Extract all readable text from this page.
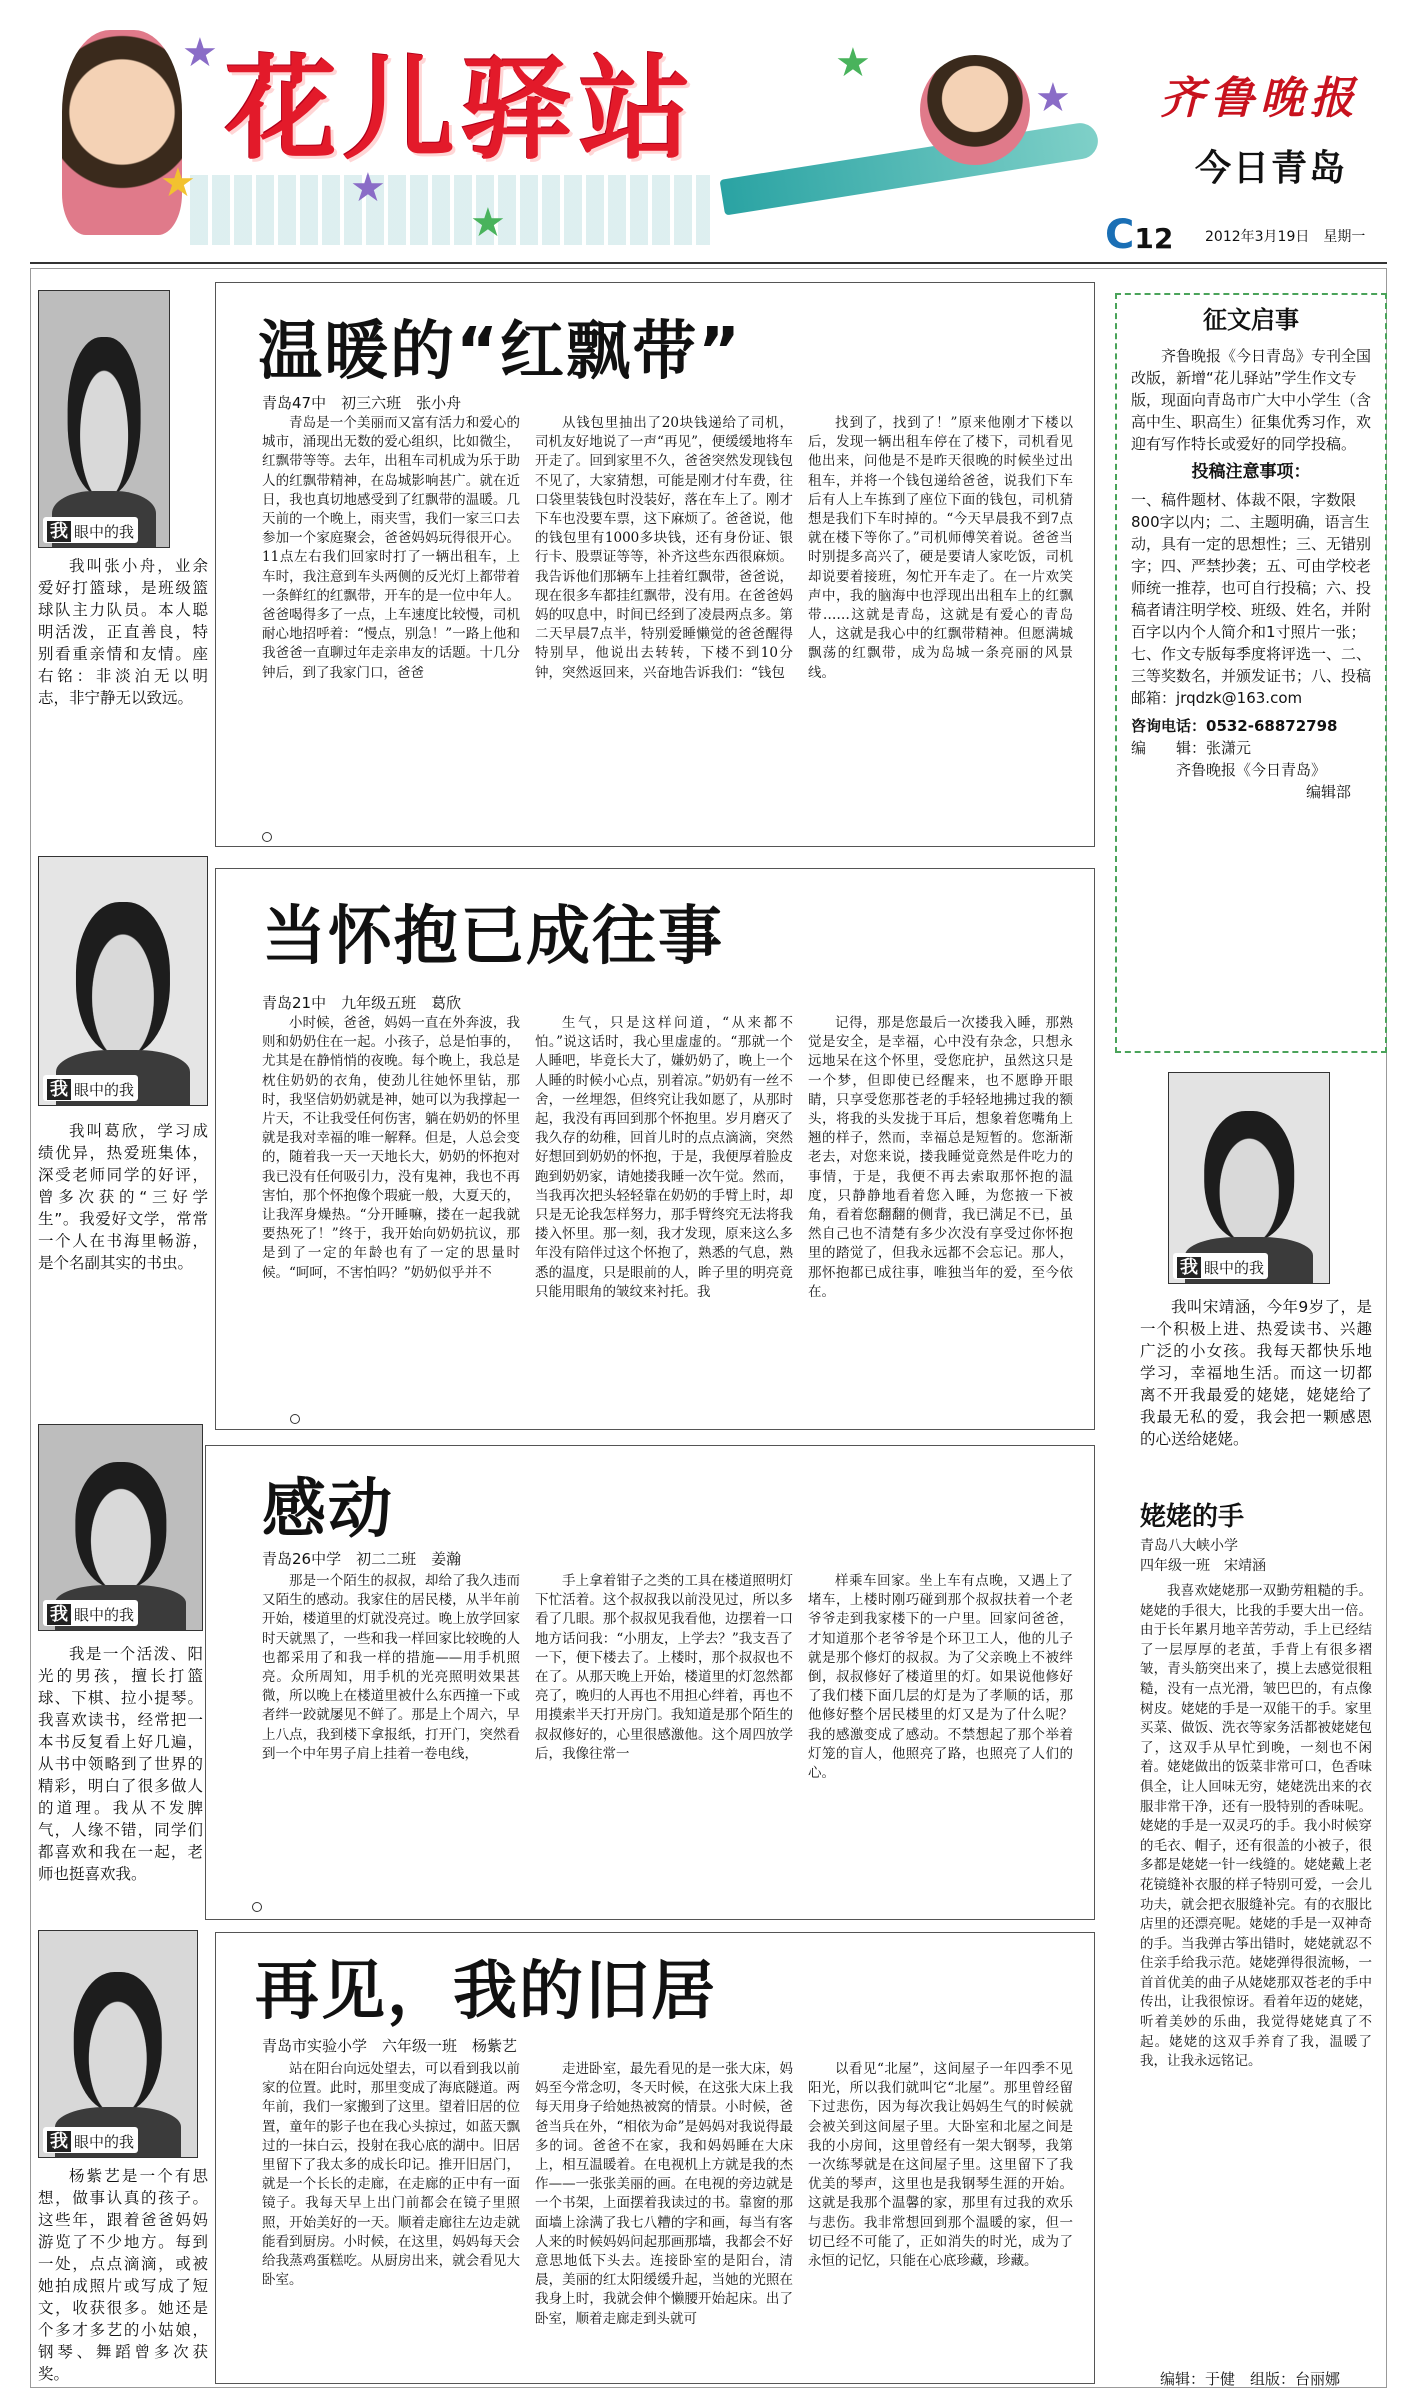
★	★
★
★
★
★
花儿驿站	齐鲁晚报
今日青岛
C12 2012年3月19日　星期一
我 眼中的我

我叫张小舟，业余爱好打篮球，是班级篮球队主力队员。本人聪明活泼，正直善良，特别看重亲情和友情。座右铭：非淡泊无以明志，非宁静无以致远。

温暖的“红飘带”
青岛47中　初三六班　张小舟

青岛是一个美丽而又富有活力和爱心的城市，涌现出无数的爱心组织，比如微尘，红飘带等等。去年，出租车司机成为乐于助人的红飘带精神，在岛城影响甚广。就在近日，我也真切地感受到了红飘带的温暖。几天前的一个晚上，雨夹雪，我们一家三口去参加一个家庭聚会，爸爸妈妈玩得很开心。11点左右我们回家时打了一辆出租车，上车时，我注意到车头两侧的反光灯上都带着一条鲜红的红飘带，开车的是一位中年人。爸爸喝得多了一点，上车速度比较慢，司机耐心地招呼着：“慢点，别急！”一路上他和我爸爸一直聊过年走亲串友的话题。十几分钟后，到了我家门口，爸爸

从钱包里抽出了20块钱递给了司机，司机友好地说了一声“再见”，便缓缓地将车开走了。回到家里不久，爸爸突然发现钱包不见了，大家猜想，可能是刚才付车费，往口袋里装钱包时没装好，落在车上了。刚才下车也没要车票，这下麻烦了。爸爸说，他的钱包里有1000多块钱，还有身份证、银行卡、股票证等等，补齐这些东西很麻烦。我告诉他们那辆车上挂着红飘带，爸爸说，现在很多车都挂红飘带，没有用。在爸爸妈妈的叹息中，时间已经到了凌晨两点多。第二天早晨7点半，特别爱睡懒觉的爸爸醒得特别早，他说出去转转，下楼不到10分钟，突然返回来，兴奋地告诉我们：“钱包

找到了，找到了！”原来他刚才下楼以后，发现一辆出租车停在了楼下，司机看见他出来，问他是不是昨天很晚的时候坐过出租车，并将一个钱包递给爸爸，说我们下车后有人上车拣到了座位下面的钱包，司机猜想是我们下车时掉的。“今天早晨我不到7点就在楼下等你了。”司机师傅笑着说。爸爸当时别提多高兴了，硬是要请人家吃饭，司机却说要着接班，匆忙开车走了。在一片欢笑声中，我的脑海中也浮现出出租车上的红飘带……这就是青岛，这就是有爱心的青岛人，这就是我心中的红飘带精神。但愿满城飘荡的红飘带，成为岛城一条亮丽的风景线。

我 眼中的我

我叫葛欣，学习成绩优异，热爱班集体，深受老师同学的好评，曾多次获的“三好学生”。我爱好文学，常常一个人在书海里畅游，是个名副其实的书虫。

当怀抱已成往事
青岛21中　九年级五班　葛欣

小时候，爸爸，妈妈一直在外奔波，我则和奶奶住在一起。小孩子，总是怕事的，尤其是在静悄悄的夜晚。每个晚上，我总是枕住奶奶的衣角，使劲儿往她怀里钻，那时，我坚信奶奶就是神，她可以为我撑起一片天，不让我受任何伤害，躺在奶奶的怀里就是我对幸福的唯一解释。但是，人总会变的，随着我一天一天地长大，奶奶的怀抱对我已没有任何吸引力，没有鬼神，我也不再害怕，那个怀抱像个瑕疵一般，大夏天的，让我浑身燥热。“分开睡嘛，搂在一起我就要热死了！”终于，我开始向奶奶抗议，那是到了一定的年龄也有了一定的思量时候。“呵呵，不害怕吗？”奶奶似乎并不

生气，只是这样问道，“从来都不怕。”说这话时，我心里虚虚的。“那就一个人睡吧，毕竟长大了，嫌奶奶了，晚上一个人睡的时候小心点，别着凉。”奶奶有一丝不舍，一丝埋怨，但终究让我如愿了，从那时起，我没有再回到那个怀抱里。岁月磨灭了我久存的幼稚，回首儿时的点点滴滴，突然好想回到奶奶的怀抱，于是，我便厚着脸皮跑到奶奶家，请她搂我睡一次午觉。然而，当我再次把头轻轻靠在奶奶的手臂上时，却只是无论我怎样努力，那手臂终究无法将我搂入怀里。那一刻，我才发现，原来这么多年没有陪伴过这个怀抱了，熟悉的气息，熟悉的温度，只是眼前的人，眸子里的明亮竟只能用眼角的皱纹来衬托。我

记得，那是您最后一次搂我入睡，那熟觉是安全，是幸福，心中没有杂念，只想永远地呆在这个怀里，受您庇护，虽然这只是一个梦，但即使已经醒来，也不愿睁开眼睛，只享受您那苍老的手轻轻地拂过我的额头，将我的头发拢于耳后，想象着您嘴角上翘的样子，然而，幸福总是短暂的。您渐渐老去，对您来说，搂我睡觉竟然是件吃力的事情，于是，我便不再去索取那怀抱的温度，只静静地看着您入睡，为您掖一下被角，看着您翻翻的侧背，我已满足不已，虽然自己也不清楚有多少次没有享受过你怀抱里的踏觉了，但我永远都不会忘记。那人，那怀抱都已成往事，唯独当年的爱，至今依在。

我 眼中的我

我是一个活泼、阳光的男孩，擅长打篮球、下棋、拉小提琴。我喜欢读书，经常把一本书反复看上好几遍，从书中领略到了世界的精彩，明白了很多做人的道理。我从不发脾气，人缘不错，同学们都喜欢和我在一起，老师也挺喜欢我。

感动
青岛26中学　初二二班　姜瀚

那是一个陌生的叔叔，却给了我久违而又陌生的感动。我家住的居民楼，从半年前开始，楼道里的灯就没亮过。晚上放学回家时天就黑了，一些和我一样回家比较晚的人也都采用了和我一样的措施——用手机照亮。众所周知，用手机的光亮照明效果甚微，所以晚上在楼道里被什么东西撞一下或者绊一跤就屡见不鲜了。那是上个周六，早上八点，我到楼下拿报纸，打开门，突然看到一个中年男子肩上挂着一卷电线，

手上拿着钳子之类的工具在楼道照明灯下忙活着。这个叔叔我以前没见过，所以多看了几眼。那个叔叔见我看他，边摆着一口地方话问我：“小朋友，上学去？”我支吾了一下，便下楼去了。上楼时，那个叔叔也不在了。从那天晚上开始，楼道里的灯忽然都亮了，晚归的人再也不用担心绊着，再也不用摸索半天打开房门。我知道是那个陌生的叔叔修好的，心里很感激他。这个周四放学后，我像往常一

样乘车回家。坐上车有点晚，又遇上了堵车，上楼时刚巧碰到那个叔叔扶着一个老爷爷走到我家楼下的一户里。回家问爸爸，才知道那个老爷爷是个环卫工人，他的儿子就是那个修灯的叔叔。为了父亲晚上不被绊倒，叔叔修好了楼道里的灯。如果说他修好了我们楼下面几层的灯是为了孝顺的话，那他修好整个居民楼里的灯又是为了什么呢？我的感激变成了感动。不禁想起了那个举着灯笼的盲人，他照亮了路，也照亮了人们的心。

我 眼中的我

杨紫艺是一个有思想，做事认真的孩子。这些年，跟着爸爸妈妈游览了不少地方。每到一处，点点滴滴，或被她拍成照片或写成了短文，收获很多。她还是个多才多艺的小姑娘，钢琴、舞蹈曾多次获奖。

再见，我的旧居
青岛市实验小学　六年级一班　杨紫艺

站在阳台向远处望去，可以看到我以前家的位置。此时，那里变成了海底隧道。两年前，我们一家搬到了这里。望着旧居的位置，童年的影子也在我心头掠过，如蓝天飘过的一抹白云，投射在我心底的湖中。旧居里留下了我太多的成长印记。推开旧居门，就是一个长长的走廊，在走廊的正中有一面镜子。我每天早上出门前都会在镜子里照照，开始美好的一天。顺着走廊往左边走就能看到厨房。小时候，在这里，妈妈每天会给我蒸鸡蛋糕吃。从厨房出来，就会看见大卧室。

走进卧室，最先看见的是一张大床，妈妈至今常念叨，冬天时候，在这张大床上我每天用身子给她热被窝的情景。小时候，爸爸当兵在外，“相依为命”是妈妈对我说得最多的词。爸爸不在家，我和妈妈睡在大床上，相互温暖着。在电视机上方就是我的杰作——一张张美丽的画。在电视的旁边就是一个书架，上面摆着我读过的书。靠窗的那面墙上涂满了我七八糟的字和画，每当有客人来的时候妈妈问起那画那墙，我都会不好意思地低下头去。连接卧室的是阳台，清晨，美丽的红太阳缓缓升起，当她的光照在我身上时，我就会伸个懒腰开始起床。出了卧室，顺着走廊走到头就可

以看见“北屋”，这间屋子一年四季不见阳光，所以我们就叫它“北屋”。那里曾经留下过悲伤，因为每次我让妈妈生气的时候就会被关到这间屋子里。大卧室和北屋之间是我的小房间，这里曾经有一架大钢琴，我第一次练琴就是在这间屋子里。这里留下了我优美的琴声，这里也是我钢琴生涯的开始。这就是我那个温馨的家，那里有过我的欢乐与悲伤。我非常想回到那个温暖的家，但一切已经不可能了，正如消失的时光，成为了永恒的记忆，只能在心底珍藏，珍藏。

征文启事

齐鲁晚报《今日青岛》专刊全国改版，新增“花儿驿站”学生作文专版，现面向青岛市广大中小学生（含高中生、职高生）征集优秀习作，欢迎有写作特长或爱好的同学投稿。

投稿注意事项：

一、稿件题材、体裁不限，字数限800字以内；二、主题明确，语言生动，具有一定的思想性；三、无错别字；四、严禁抄袭；五、可由学校老师统一推荐，也可自行投稿；六、投稿者请注明学校、班级、姓名，并附百字以内个人简介和1寸照片一张；七、作文专版每季度将评选一、二、三等奖数名，并颁发证书；八、投稿邮箱：jrqdzk@163.com

咨询电话：0532-68872798

编　　辑：张潇元

齐鲁晚报《今日青岛》

编辑部

我 眼中的我

我叫宋靖涵，今年9岁了，是一个积极上进、热爱读书、兴趣广泛的小女孩。我每天都快乐地学习，幸福地生活。而这一切都离不开我最爱的姥姥，姥姥给了我最无私的爱，我会把一颗感恩的心送给姥姥。

姥姥的手
青岛八大峡小学
四年级一班　宋靖涵

我喜欢姥姥那一双勤劳粗糙的手。姥姥的手很大，比我的手要大出一倍。由于长年累月地辛苦劳动，手上已经结了一层厚厚的老茧，手背上有很多褶皱，青头筋突出来了，摸上去感觉很粗糙，没有一点光滑，皱巴巴的，有点像树皮。姥姥的手是一双能干的手。家里买菜、做饭、洗衣等家务活都被姥姥包了，这双手从早忙到晚，一刻也不闲着。姥姥做出的饭菜非常可口，色香味俱全，让人回味无穷，姥姥洗出来的衣服非常干净，还有一股特别的香味呢。姥姥的手是一双灵巧的手。我小时候穿的毛衣、帽子，还有很盖的小被子，很多都是姥姥一针一线缝的。姥姥戴上老花镜缝补衣服的样子特别可爱，一会儿功夫，就会把衣服缝补完。有的衣服比店里的还漂亮呢。姥姥的手是一双神奇的手。当我弹古筝出错时，姥姥就忍不住亲手给我示范。姥姥弹得很流畅，一首首优美的曲子从姥姥那双苍老的手中传出，让我很惊讶。看着年迈的姥姥，听着美妙的乐曲，我觉得姥姥真了不起。姥姥的这双手养育了我，温暖了我，让我永远铭记。

编辑：于健　组版：台丽娜
